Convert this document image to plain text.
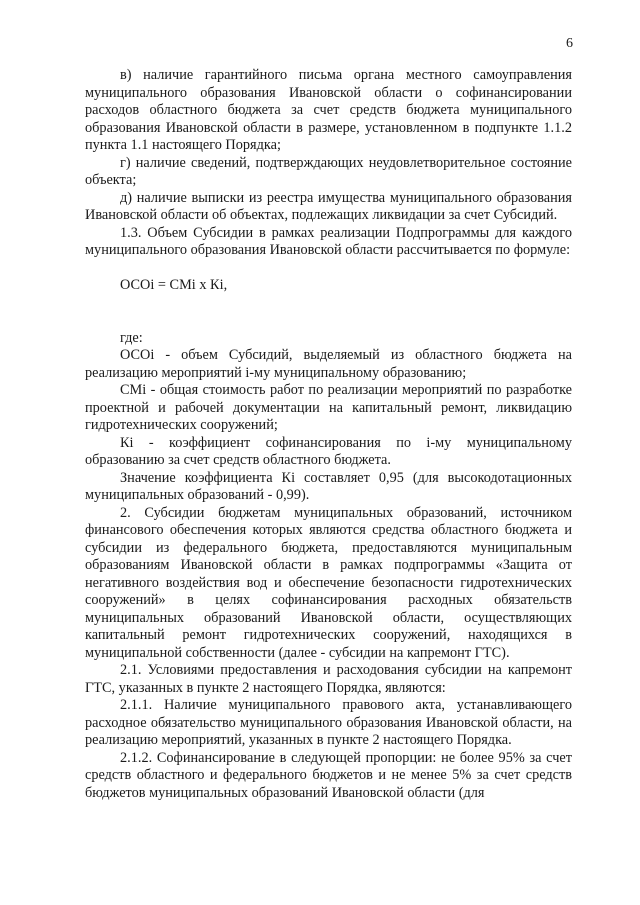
6

в) наличие гарантийного письма органа местного самоуправления муниципального образования Ивановской области о софинансировании расходов областного бюджета за счет средств бюджета муниципального образования Ивановской области в размере, установленном в подпункте 1.1.2 пункта 1.1 настоящего Порядка;

г) наличие сведений, подтверждающих неудовлетворительное состояние объекта;

д) наличие выписки из реестра имущества муниципального образования Ивановской области об объектах, подлежащих ликвидации за счет Субсидий.

1.3. Объем Субсидии в рамках реализации Подпрограммы для каждого муниципального образования Ивановской области рассчитывается по формуле:

ОСОi = СМi x Кi,

где:

ОСОi - объем Субсидий, выделяемый из областного бюджета на реализацию мероприятий i-му муниципальному образованию;

СМi - общая стоимость работ по реализации мероприятий по разработке проектной и рабочей документации на капитальный ремонт, ликвидацию гидротехнических сооружений;

Кi - коэффициент софинансирования по i-му муниципальному образованию за счет средств областного бюджета.

Значение коэффициента Кi составляет 0,95 (для высокодотационных муниципальных образований - 0,99).

2. Субсидии бюджетам муниципальных образований, источником финансового обеспечения которых являются средства областного бюджета и субсидии из федерального бюджета, предоставляются муниципальным образованиям Ивановской области в рамках подпрограммы «Защита от негативного воздействия вод и обеспечение безопасности гидротехнических сооружений» в целях софинансирования расходных обязательств муниципальных образований Ивановской области, осуществляющих капитальный ремонт гидротехнических сооружений, находящихся в муниципальной собственности (далее - субсидии на капремонт ГТС).

2.1. Условиями предоставления и расходования субсидии на капремонт ГТС, указанных в пункте 2 настоящего Порядка, являются:

2.1.1. Наличие муниципального правового акта, устанавливающего расходное обязательство муниципального образования Ивановской области, на реализацию мероприятий, указанных в пункте 2 настоящего Порядка.

2.1.2. Софинансирование в следующей пропорции: не более 95% за счет средств областного и федерального бюджетов и не менее 5% за счет средств бюджетов муниципальных образований Ивановской области (для
